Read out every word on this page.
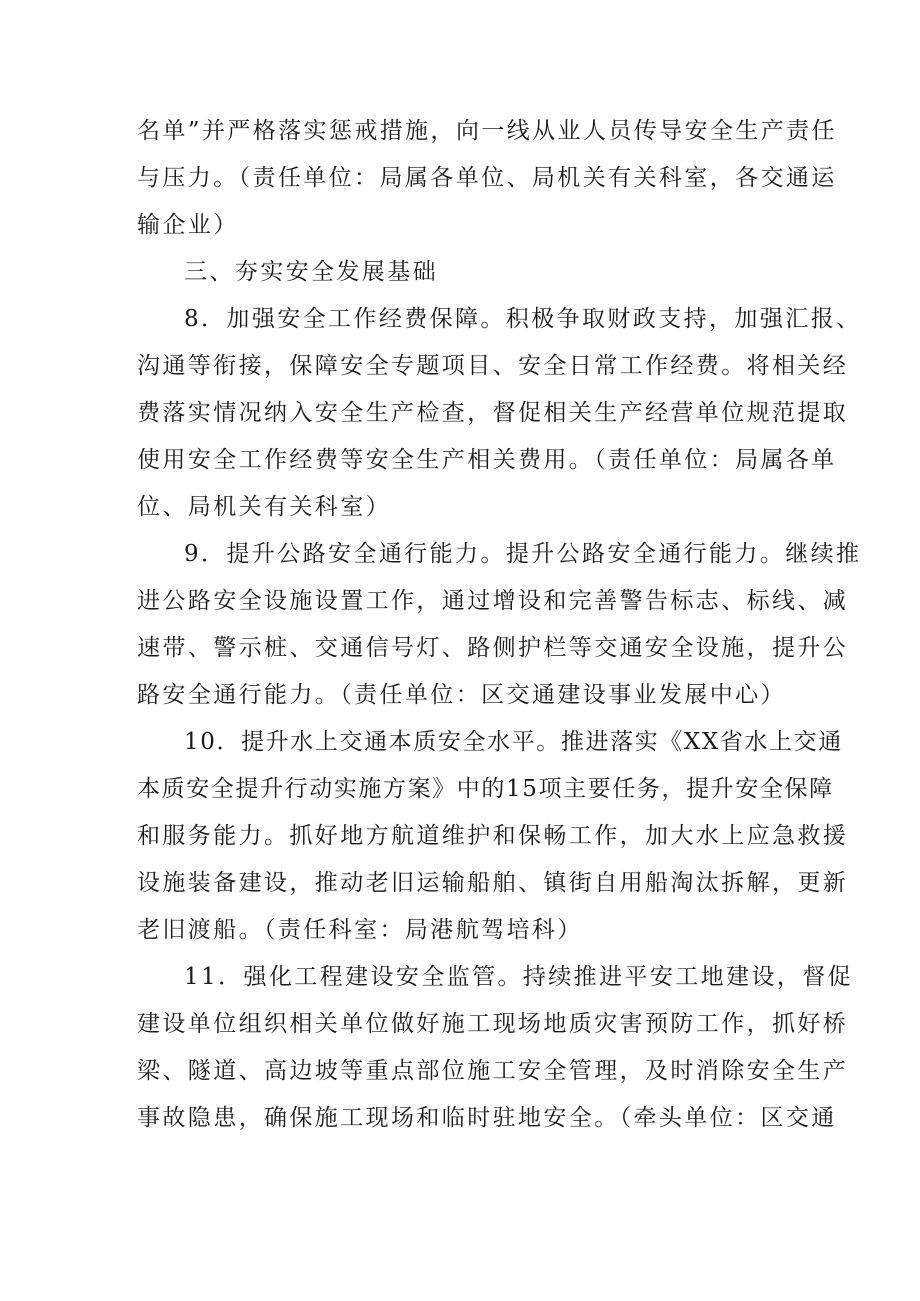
名单”并严格落实惩戒措施，向一线从业人员传导安全生产责任
与压力。（责任单位：局属各单位、局机关有关科室，各交通运
输企业）
三、夯实安全发展基础
8．加强安全工作经费保障。积极争取财政支持，加强汇报、
沟通等衔接，保障安全专题项目、安全日常工作经费。将相关经
费落实情况纳入安全生产检查，督促相关生产经营单位规范提取
使用安全工作经费等安全生产相关费用。（责任单位：局属各单
位、局机关有关科室）
9．提升公路安全通行能力。提升公路安全通行能力。继续推
进公路安全设施设置工作，通过增设和完善警告标志、标线、减
速带、警示桩、交通信号灯、路侧护栏等交通安全设施，提升公
路安全通行能力。（责任单位：区交通建设事业发展中心）
10．提升水上交通本质安全水平。推进落实《XX省水上交通
本质安全提升行动实施方案》中的15项主要任务，提升安全保障
和服务能力。抓好地方航道维护和保畅工作，加大水上应急救援
设施装备建设，推动老旧运输船舶、镇街自用船淘汰拆解，更新
老旧渡船。（责任科室：局港航驾培科）
11．强化工程建设安全监管。持续推进平安工地建设，督促
建设单位组织相关单位做好施工现场地质灾害预防工作，抓好桥
梁、隧道、高边坡等重点部位施工安全管理，及时消除安全生产
事故隐患，确保施工现场和临时驻地安全。（牵头单位：区交通
